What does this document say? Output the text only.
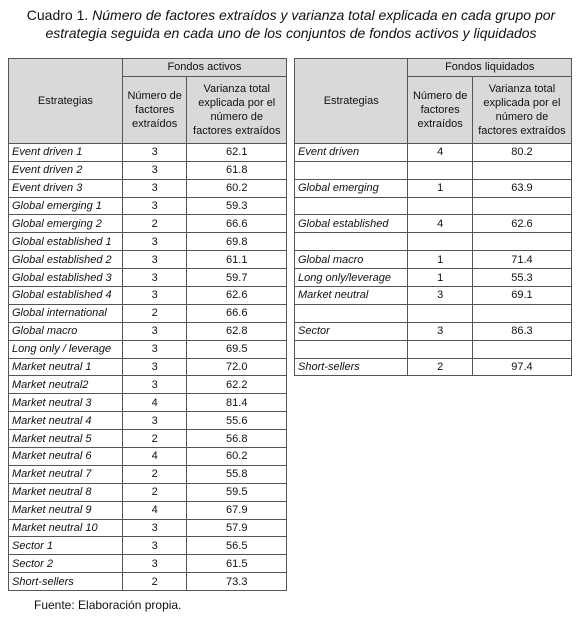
Cuadro 1. Número de factores extraídos y varianza total explicada en cada grupo por estrategia seguida en cada uno de los conjuntos de fondos activos y liquidados
Estrategias	Fondos activos	
	Número de factores extraídos	Varianza total explicada por el número de factores extraídos
Event driven 1	3	62.1
Event driven 2	3	61.8
Event driven 3	3	60.2
Global emerging 1	3	59.3
Global emerging 2	2	66.6
Global established 1	3	69.8
Global established 2	3	61.1
Global established 3	3	59.7
Global established 4	3	62.6
Global international	2	66.6
Global macro	3	62.8
Long only / leverage	3	69.5
Market neutral 1	3	72.0
Market neutral2	3	62.2
Market neutral 3	4	81.4
Market neutral 4	3	55.6
Market neutral 5	2	56.8
Market neutral 6	4	60.2
Market neutral 7	2	55.8
Market neutral 8	2	59.5
Market neutral 9	4	67.9
Market neutral 10	3	57.9
Sector 1	3	56.5
Sector 2	3	61.5
Short-sellers	2	73.3
Estrategias	Fondos liquidados	
	Número de factores extraídos	Varianza total explicada por el número de factores extraídos
Event driven	4	80.2

Global emerging	1	63.9

Global established	4	62.6

Global macro	1	71.4
Long only/leverage	1	55.3
Market neutral	3	69.1

Sector	3	86.3

Short-sellers	2	97.4
Fuente: Elaboración propia.
